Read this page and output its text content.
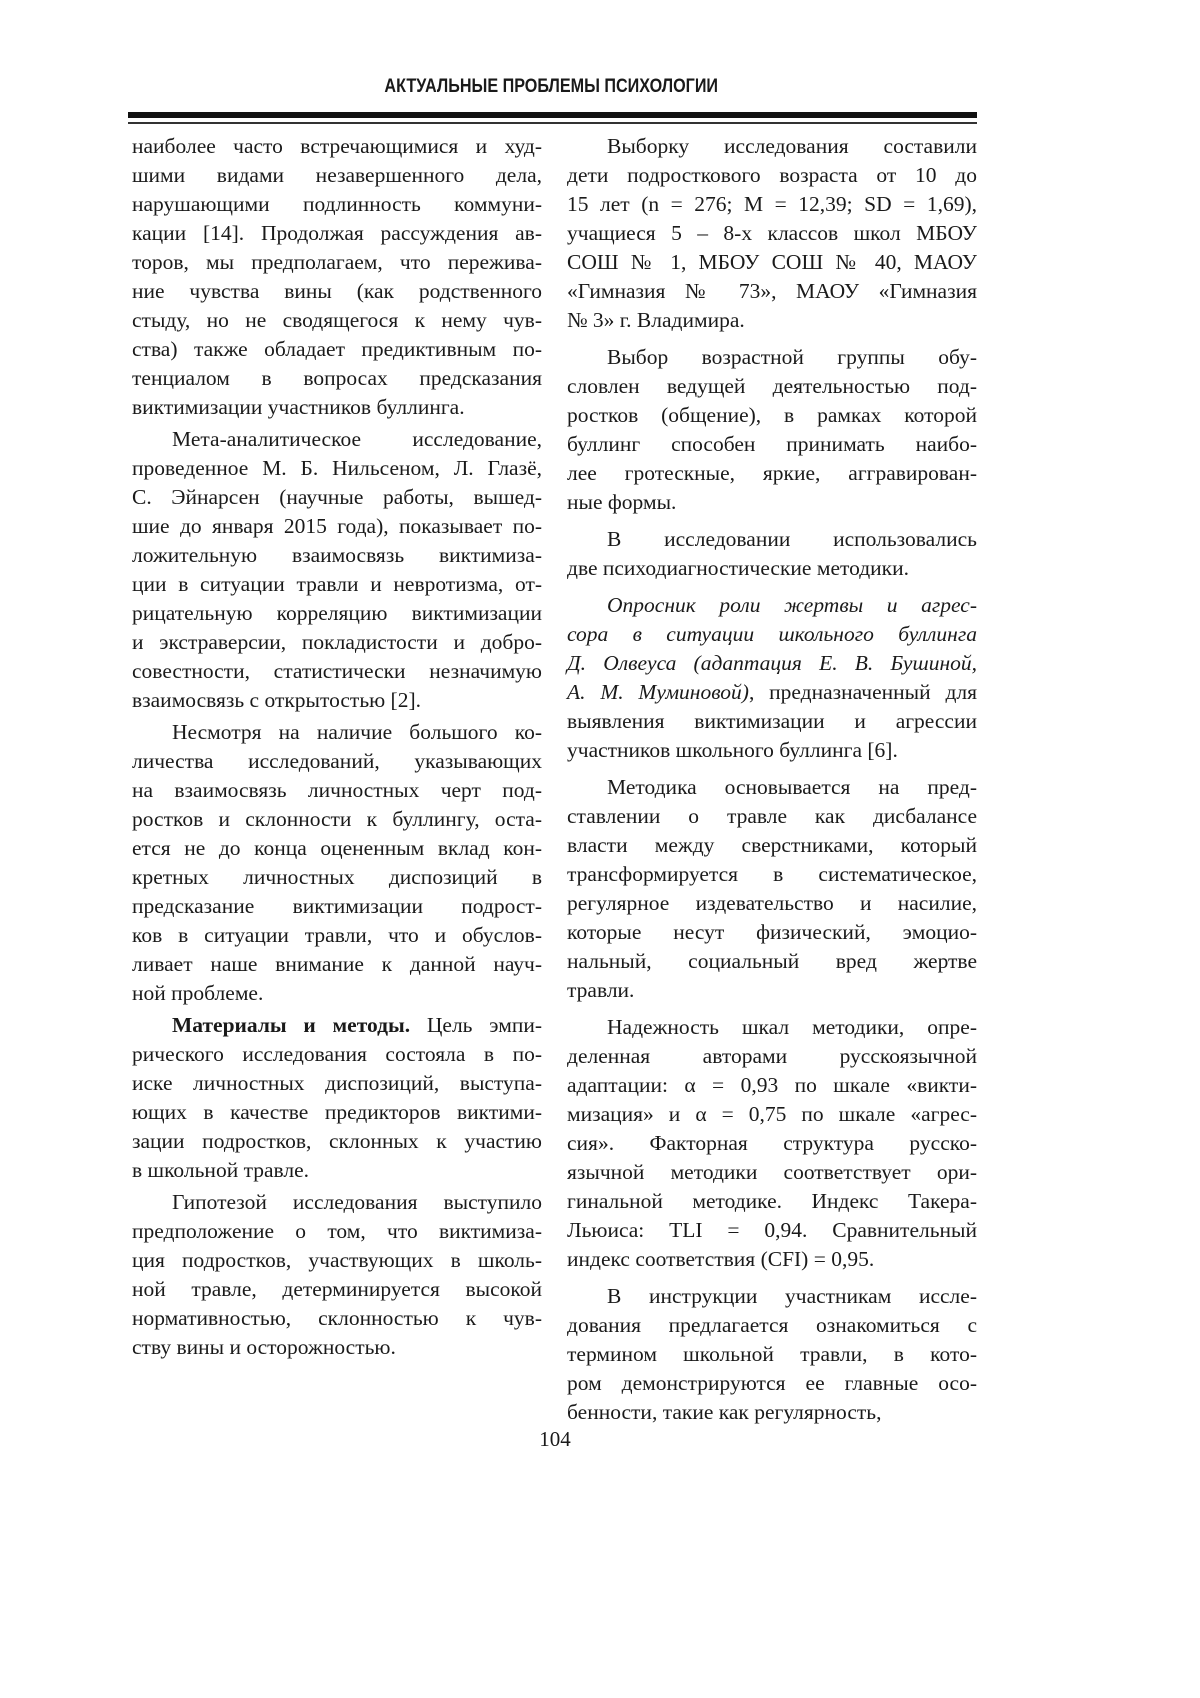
АКТУАЛЬНЫЕ ПРОБЛЕМЫ ПСИХОЛОГИИ
наиболее часто встречающимися и худ-
шими видами незавершенного дела,
нарушающими подлинность коммуни-
кации [14]. Продолжая рассуждения ав-
торов, мы предполагаем, что пережива-
ние чувства вины (как родственного
стыду, но не сводящегося к нему чув-
ства) также обладает предиктивным по-
тенциалом в вопросах предсказания
виктимизации участников буллинга.
Мета-аналитическое исследование,
проведенное М. Б. Нильсеном, Л. Глазё,
С. Эйнарсен (научные работы, вышед-
шие до января 2015 года), показывает по-
ложительную взаимосвязь виктимиза-
ции в ситуации травли и невротизма, от-
рицательную корреляцию виктимизации
и экстраверсии, покладистости и добро-
совестности, статистически незначимую
взаимосвязь с открытостью [2].
Несмотря на наличие большого ко-
личества исследований, указывающих
на взаимосвязь личностных черт под-
ростков и склонности к буллингу, оста-
ется не до конца оцененным вклад кон-
кретных личностных диспозиций в
предсказание виктимизации подрост-
ков в ситуации травли, что и обуслов-
ливает наше внимание к данной науч-
ной проблеме.
Материалы и методы. Цель эмпи-
рического исследования состояла в по-
иске личностных диспозиций, выступа-
ющих в качестве предикторов виктими-
зации подростков, склонных к участию
в школьной травле.
Гипотезой исследования выступило
предположение о том, что виктимиза-
ция подростков, участвующих в школь-
ной травле, детерминируется высокой
нормативностью, склонностью к чув-
ству вины и осторожностью.
Выборку исследования составили
дети подросткового возраста от 10 до
15 лет (n = 276; M = 12,39; SD = 1,69),
учащиеся 5 – 8-х классов школ МБОУ
СОШ № 1, МБОУ СОШ № 40, МАОУ
«Гимназия № 73», МАОУ «Гимназия
№ 3» г. Владимира.
Выбор возрастной группы обу-
словлен ведущей деятельностью под-
ростков (общение), в рамках которой
буллинг способен принимать наибо-
лее гротескные, яркие, аггравирован-
ные формы.
В исследовании использовались
две психодиагностические методики.
Опросник роли жертвы и агрес-
сора в ситуации школьного буллинга
Д. Олвеуса (адаптация Е. В. Бушиной,
А. М. Муминовой), предназначенный для
выявления виктимизации и агрессии
участников школьного буллинга [6].
Методика основывается на пред-
ставлении о травле как дисбалансе
власти между сверстниками, который
трансформируется в систематическое,
регулярное издевательство и насилие,
которые несут физический, эмоцио-
нальный, социальный вред жертве
травли.
Надежность шкал методики, опре-
деленная авторами русскоязычной
адаптации: α = 0,93 по шкале «викти-
мизация» и α = 0,75 по шкале «агрес-
сия». Факторная структура русско-
язычной методики соответствует ори-
гинальной методике. Индекс Такера-
Льюиса: TLI = 0,94. Сравнительный
индекс соответствия (CFI) = 0,95.
В инструкции участникам иссле-
дования предлагается ознакомиться с
термином школьной травли, в кото-
ром демонстрируются ее главные осо-
бенности, такие как регулярность,
104
